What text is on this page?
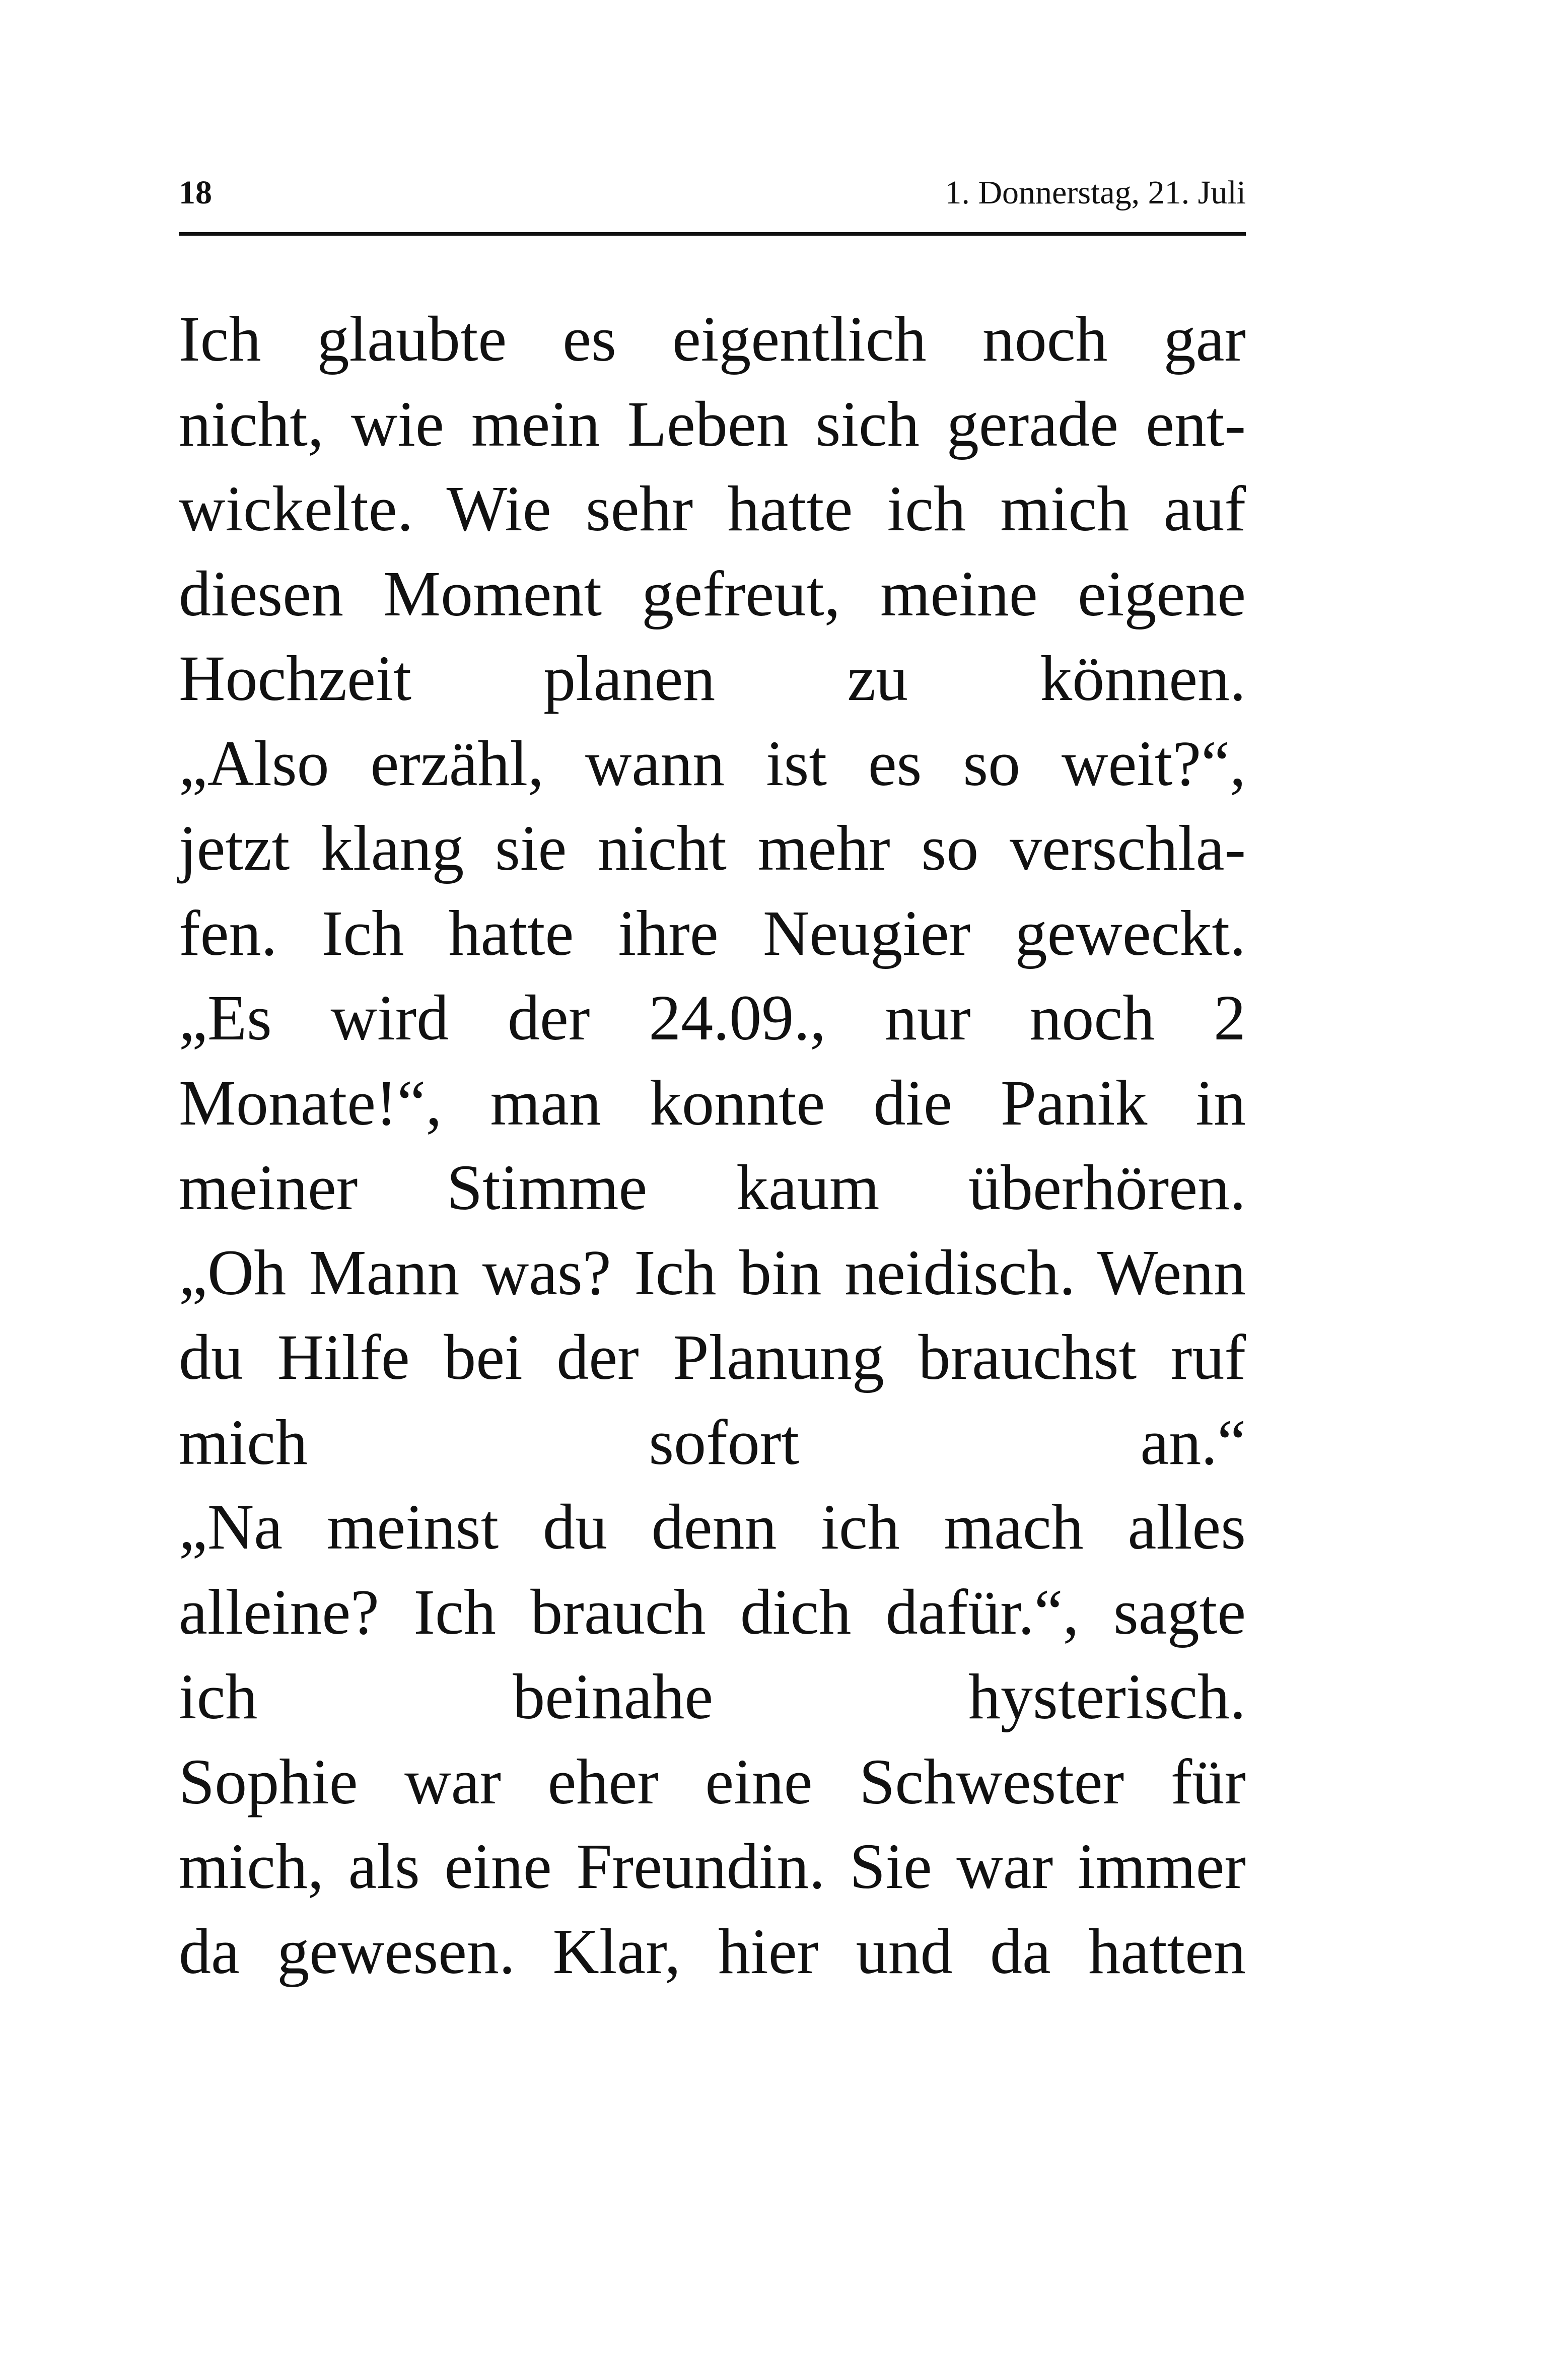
18	1. Donnerstag, 21. Juli
Ich glaubte es eigentlich noch gar
nicht, wie mein Leben sich gerade ent-
wickelte. Wie sehr hatte ich mich auf
diesen Moment gefreut, meine eigene
Hochzeit planen zu können.
„Also erzähl, wann ist es so weit?“,
jetzt klang sie nicht mehr so verschla-
fen. Ich hatte ihre Neugier geweckt.
„Es wird der 24.09., nur noch 2
Monate!“, man konnte die Panik in
meiner Stimme kaum überhören.
„Oh Mann was? Ich bin neidisch. Wenn
du Hilfe bei der Planung brauchst ruf
mich sofort an.“
„Na meinst du denn ich mach alles
alleine? Ich brauch dich dafür.“, sagte
ich beinahe hysterisch.
Sophie war eher eine Schwester für
mich, als eine Freundin. Sie war immer
da gewesen. Klar, hier und da hatten
